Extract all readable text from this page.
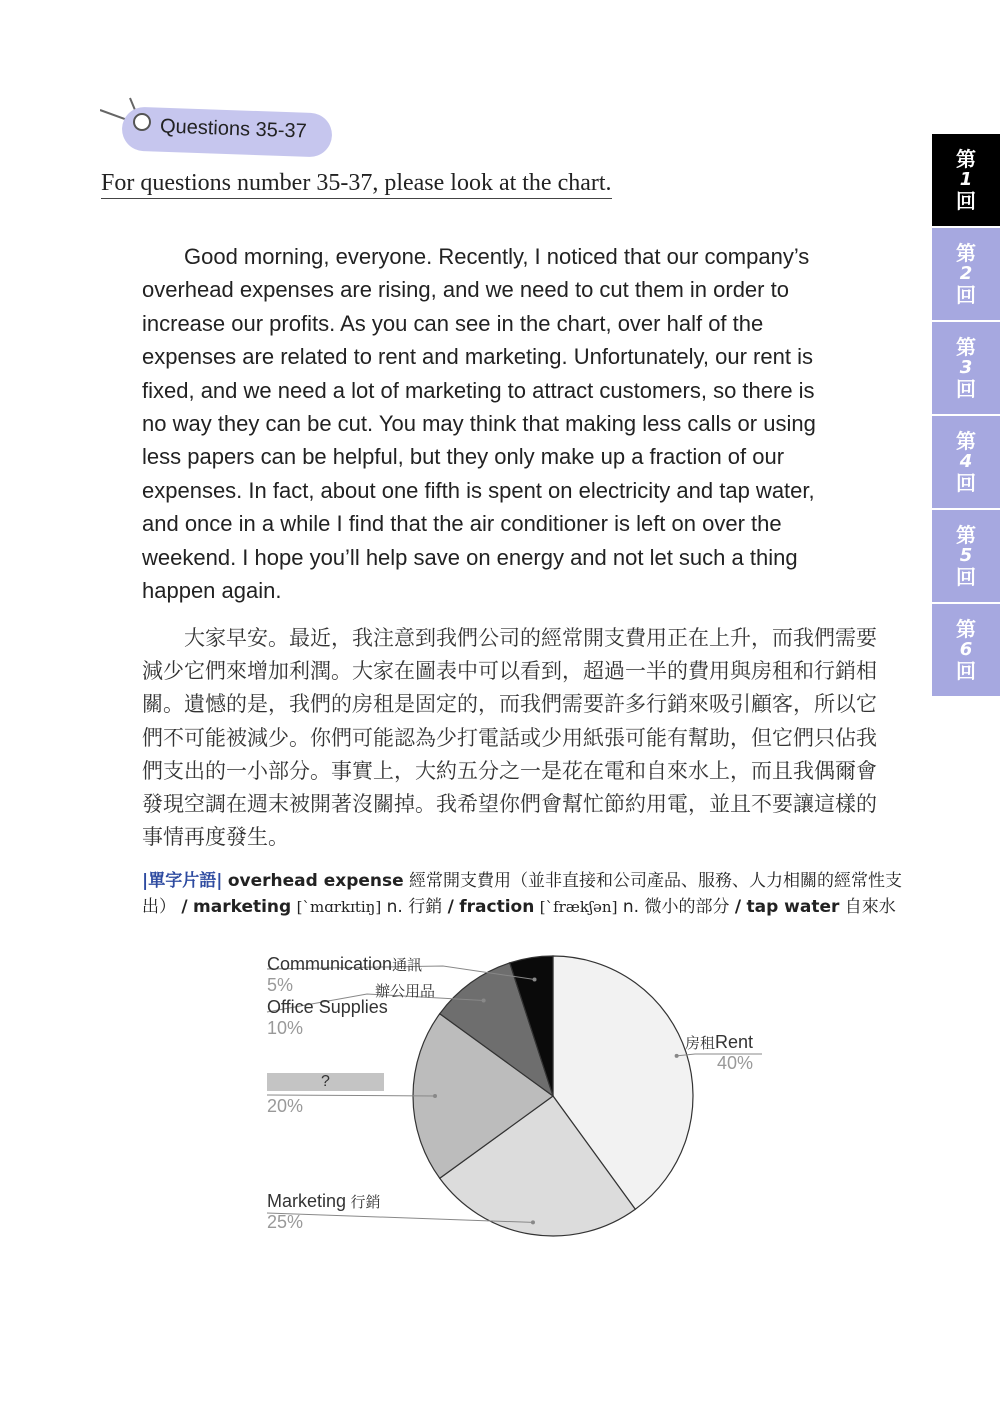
Questions 35-37
For questions number 35-37, please look at the chart.
Good morning, everyone. Recently, I noticed that our company’s
overhead expenses are rising, and we need to cut them in order to
increase our profits. As you can see in the chart, over half of the
expenses are related to rent and marketing. Unfortunately, our rent is
fixed, and we need a lot of marketing to attract customers, so there is
no way they can be cut. You may think that making less calls or using
less papers can be helpful, but they only make up a fraction of our
expenses. In fact, about one fifth is spent on electricity and tap water,
and once in a while I find that the air conditioner is left on over the
weekend. I hope you’ll help save on energy and not let such a thing
happen again.
大家早安。最近，我注意到我們公司的經常開支費用正在上升，而我們需要
減少它們來增加利潤。大家在圖表中可以看到，超過一半的費用與房租和行銷相
關。遺憾的是，我們的房租是固定的，而我們需要許多行銷來吸引顧客，所以它
們不可能被減少。你們可能認為少打電話或少用紙張可能有幫助，但它們只佔我
們支出的一小部分。事實上，大約五分之一是花在電和自來水上，而且我偶爾會
發現空調在週末被開著沒關掉。我希望你們會幫忙節約用電，並且不要讓這樣的
事情再度發生。
|單字片語| overhead expense 經常開支費用（並非直接和公司產品、服務、人力相關的經常性支
出） / marketing [`mɑrkɪtiŋ] n. 行銷 / fraction [`frækʃən] n. 微小的部分 / tap water 自來水
第
1
回
第
2
回
第
3
回
第
4
回
第
5
回
第
6
回
Communication通訊
5%	辦公用品
Office Supplies
10%
?
20%
Marketing 行銷
25%
房租Rent
40%
